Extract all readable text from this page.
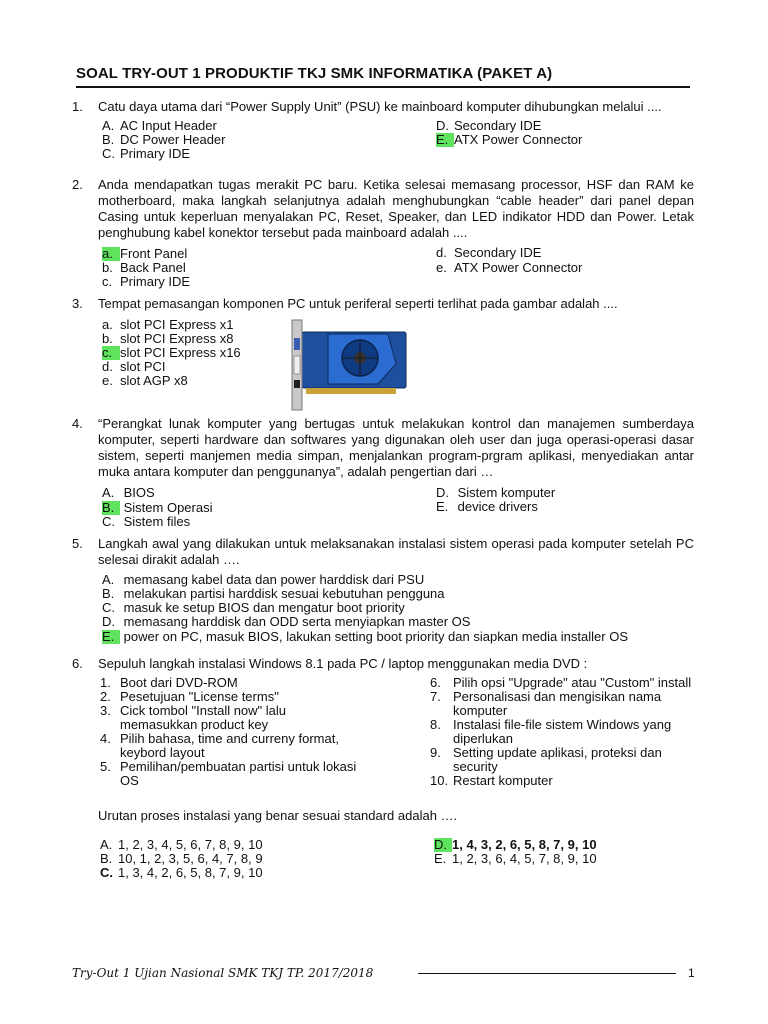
SOAL TRY-OUT 1 PRODUKTIF TKJ SMK INFORMATIKA (PAKET A)
1. Catu daya utama dari “Power Supply Unit” (PSU) ke mainboard komputer dihubungkan melalui ....
A. AC Input Header
B. DC Power Header
C. Primary IDE
D. Secondary IDE
E. ATX Power Connector
2. Anda mendapatkan tugas merakit PC baru. Ketika selesai memasang processor, HSF dan RAM ke motherboard, maka langkah selanjutnya adalah menghubungkan “cable header” dari panel depan Casing untuk keperluan menyalakan PC, Reset, Speaker, dan LED indikator HDD dan Power. Letak penghubung kabel konektor tersebut pada mainboard adalah ....
a. Front Panel
b. Back Panel
c. Primary IDE
d. Secondary IDE
e. ATX Power Connector
3. Tempat pemasangan komponen PC untuk periferal seperti terlihat pada gambar adalah ....
a. slot PCI Express x1
b. slot PCI Express x8
c. slot PCI Express x16
d. slot PCI
e. slot AGP x8
4. “Perangkat lunak komputer yang bertugas untuk melakukan kontrol dan manajemen sumberdaya komputer, seperti hardware dan softwares yang digunakan oleh user dan juga operasi-operasi dasar sistem, seperti manjemen media simpan, menjalankan program-prgram aplikasi, menyediakan antar muka antara komputer dan penggunanya”, adalah pengertian dari …
A. BIOS
B. Sistem Operasi
C. Sistem files
D. Sistem komputer
E. device drivers
5. Langkah awal yang dilakukan untuk melaksanakan instalasi sistem operasi pada komputer setelah PC selesai dirakit adalah ….
A. memasang kabel data dan power harddisk dari PSU
B. melakukan partisi harddisk sesuai kebutuhan pengguna
C. masuk ke setup BIOS dan mengatur boot priority
D. memasang harddisk dan ODD serta menyiapkan master OS
E. power on PC, masuk BIOS, lakukan setting boot priority dan siapkan media installer OS
6. Sepuluh langkah instalasi Windows 8.1 pada PC / laptop menggunakan media DVD :
1. Boot dari DVD-ROM
2. Pesetujuan "License terms"
3. Cick tombol "Install now" lalu
memasukkan product key
4. Pilih bahasa, time and curreny format,
keybord layout
5. Pemilihan/pembuatan partisi untuk lokasi
OS
6. Pilih opsi "Upgrade" atau "Custom" install
7. Personalisasi dan mengisikan nama
komputer
8. Instalasi file-file sistem Windows yang
diperlukan
9. Setting update aplikasi, proteksi dan
security
10. Restart komputer
Urutan proses instalasi yang benar sesuai standard adalah ….
A. 1, 2, 3, 4, 5, 6, 7, 8, 9, 10
B. 10, 1, 2, 3, 5, 6, 4, 7, 8, 9
C. 1, 3, 4, 2, 6, 5, 8, 7, 9, 10
D. 1, 4, 3, 2, 6, 5, 8, 7, 9, 10
E. 1, 2, 3, 6, 4, 5, 7, 8, 9, 10
Try-Out 1 Ujian Nasional SMK TKJ TP. 2017/2018	1
